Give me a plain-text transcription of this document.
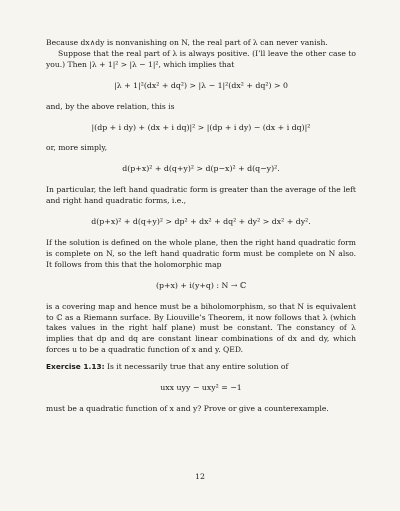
Because dx∧dy is nonvanishing on N, the real part of λ can never vanish.

Suppose that the real part of λ is always positive. (I’ll leave the other case to you.) Then |λ + 1|² > |λ − 1|², which implies that

|λ + 1|²(dx² + dq²) > |λ − 1|²(dx² + dq²) > 0

and, by the above relation, this is

|(dp + i dy) + (dx + i dq)|² > |(dp + i dy) − (dx + i dq)|²

or, more simply,

d(p+x)² + d(q+y)² > d(p−x)² + d(q−y)².

In particular, the left hand quadratic form is greater than the average of the left and right hand quadratic forms, i.e.,

d(p+x)² + d(q+y)² > dp² + dx² + dq² + dy² > dx² + dy².

If the solution is defined on the whole plane, then the right hand quadratic form is complete on N, so the left hand quadratic form must be complete on N also. It follows from this that the holomorphic map

(p+x) + i(y+q) : N → ℂ

is a covering map and hence must be a biholomorphism, so that N is equivalent to ℂ as a Riemann surface. By Liouville’s Theorem, it now follows that λ (which takes values in the right half plane) must be constant. The constancy of λ implies that dp and dq are constant linear combinations of dx and dy, which forces u to be a quadratic function of x and y. QED.

Exercise 1.13: Is it necessarily true that any entire solution of

uxx uyy − uxy² = −1

must be a quadratic function of x and y? Prove or give a counterexample.

12
